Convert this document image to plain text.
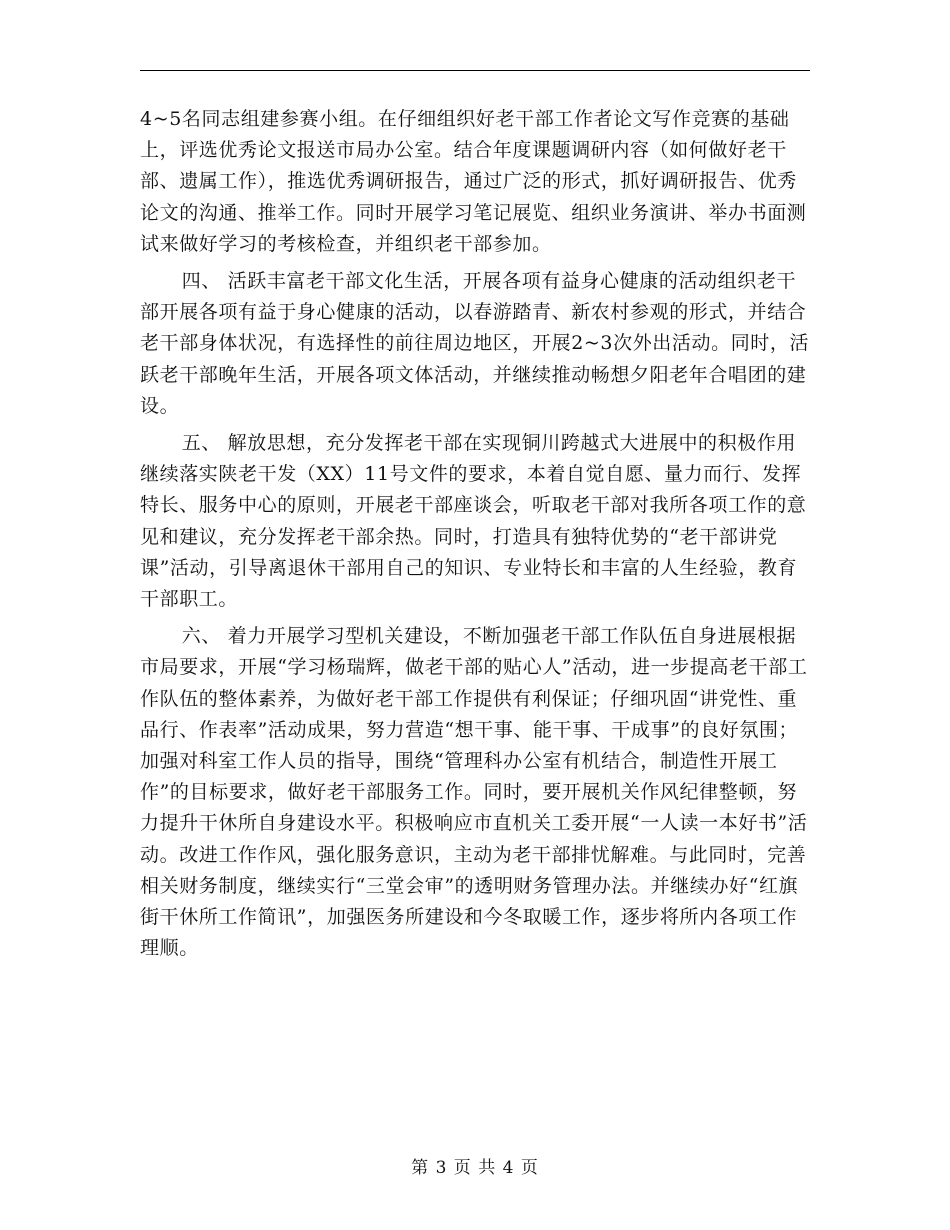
4~5名同志组建参赛小组。在仔细组织好老干部工作者论文写作竞赛的基础上，评选优秀论文报送市局办公室。结合年度课题调研内容（如何做好老干部、遗属工作），推选优秀调研报告，通过广泛的形式，抓好调研报告、优秀论文的沟通、推举工作。同时开展学习笔记展览、组织业务演讲、举办书面测试来做好学习的考核检查，并组织老干部参加。

四、 活跃丰富老干部文化生活，开展各项有益身心健康的活动组织老干部开展各项有益于身心健康的活动，以春游踏青、新农村参观的形式，并结合老干部身体状况，有选择性的前往周边地区，开展2~3次外出活动。同时，活跃老干部晚年生活，开展各项文体活动，并继续推动畅想夕阳老年合唱团的建设。

五、 解放思想，充分发挥老干部在实现铜川跨越式大进展中的积极作用继续落实陕老干发（XX）11号文件的要求，本着自觉自愿、量力而行、发挥特长、服务中心的原则，开展老干部座谈会，听取老干部对我所各项工作的意见和建议，充分发挥老干部余热。同时，打造具有独特优势的“老干部讲党课”活动，引导离退休干部用自己的知识、专业特长和丰富的人生经验，教育干部职工。

六、 着力开展学习型机关建设，不断加强老干部工作队伍自身进展根据市局要求，开展“学习杨瑞辉，做老干部的贴心人”活动，进一步提高老干部工作队伍的整体素养，为做好老干部工作提供有利保证；仔细巩固“讲党性、重品行、作表率”活动成果，努力营造“想干事、能干事、干成事”的良好氛围；加强对科室工作人员的指导，围绕“管理科办公室有机结合，制造性开展工作”的目标要求，做好老干部服务工作。同时，要开展机关作风纪律整顿，努力提升干休所自身建设水平。积极响应市直机关工委开展“一人读一本好书”活动。改进工作作风，强化服务意识，主动为老干部排忧解难。与此同时，完善相关财务制度，继续实行“三堂会审”的透明财务管理办法。并继续办好“红旗街干休所工作简讯”，加强医务所建设和今冬取暖工作，逐步将所内各项工作理顺。

第 3 页 共 4 页
